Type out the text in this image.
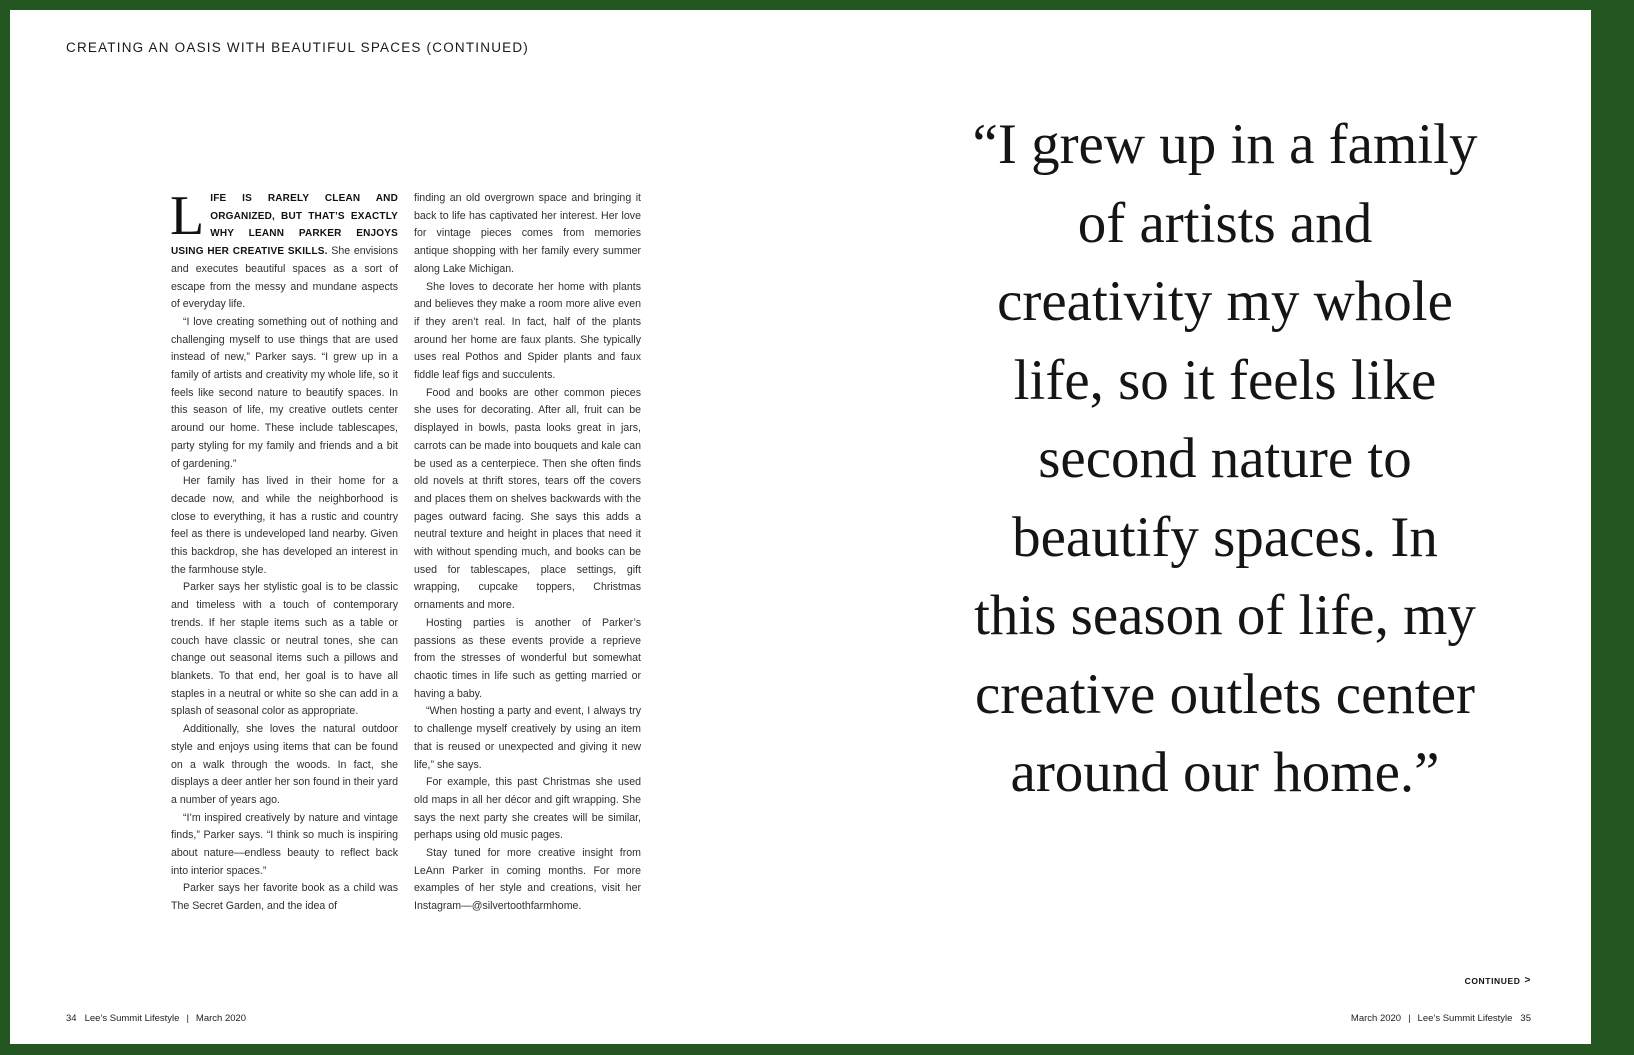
CREATING AN OASIS WITH BEAUTIFUL SPACES (CONTINUED)

LIFE IS RARELY CLEAN AND ORGANIZED, BUT THAT’S EXACTLY WHY LEANN PARKER ENJOYS USING HER CREATIVE SKILLS. She envisions and executes beautiful spaces as a sort of escape from the messy and mundane aspects of everyday life.

“I love creating something out of nothing and challenging myself to use things that are used instead of new,” Parker says. “I grew up in a family of artists and creativity my whole life, so it feels like second nature to beautify spaces. In this season of life, my creative outlets center around our home. These include tablescapes, party styling for my family and friends and a bit of gardening.”

Her family has lived in their home for a decade now, and while the neighborhood is close to everything, it has a rustic and country feel as there is undeveloped land nearby. Given this backdrop, she has developed an interest in the farmhouse style.

Parker says her stylistic goal is to be classic and timeless with a touch of contemporary trends. If her staple items such as a table or couch have classic or neutral tones, she can change out seasonal items such a pillows and blankets. To that end, her goal is to have all staples in a neutral or white so she can add in a splash of seasonal color as appropriate.

Additionally, she loves the natural outdoor style and enjoys using items that can be found on a walk through the woods. In fact, she displays a deer antler her son found in their yard a number of years ago.

“I’m inspired creatively by nature and vintage finds,” Parker says. “I think so much is inspiring about nature—endless beauty to reflect back into interior spaces.”

Parker says her favorite book as a child was The Secret Garden, and the idea of

finding an old overgrown space and bringing it back to life has captivated her interest. Her love for vintage pieces comes from memories antique shopping with her family every summer along Lake Michigan.

She loves to decorate her home with plants and believes they make a room more alive even if they aren’t real. In fact, half of the plants around her home are faux plants. She typically uses real Pothos and Spider plants and faux fiddle leaf figs and succulents.

Food and books are other common pieces she uses for decorating. After all, fruit can be displayed in bowls, pasta looks great in jars, carrots can be made into bouquets and kale can be used as a centerpiece. Then she often finds old novels at thrift stores, tears off the covers and places them on shelves backwards with the pages outward facing. She says this adds a neutral texture and height in places that need it with without spending much, and books can be used for tablescapes, place settings, gift wrapping, cupcake toppers, Christmas ornaments and more.

Hosting parties is another of Parker’s passions as these events provide a reprieve from the stresses of wonderful but somewhat chaotic times in life such as getting married or having a baby.

“When hosting a party and event, I always try to challenge myself creatively by using an item that is reused or unexpected and giving it new life,” she says.

For example, this past Christmas she used old maps in all her décor and gift wrapping. She says the next party she creates will be similar, perhaps using old music pages.

Stay tuned for more creative insight from LeAnn Parker in coming months. For more examples of her style and creations, visit her Instagram—@silvertoothfarmhome.

“I grew up in a family of artists and creativity my whole life, so it feels like second nature to beautify spaces. In this season of life, my creative outlets center around our home.”

CONTINUED >
34 Lee’s Summit Lifestyle | March 2020	March 2020 | Lee’s Summit Lifestyle 35
